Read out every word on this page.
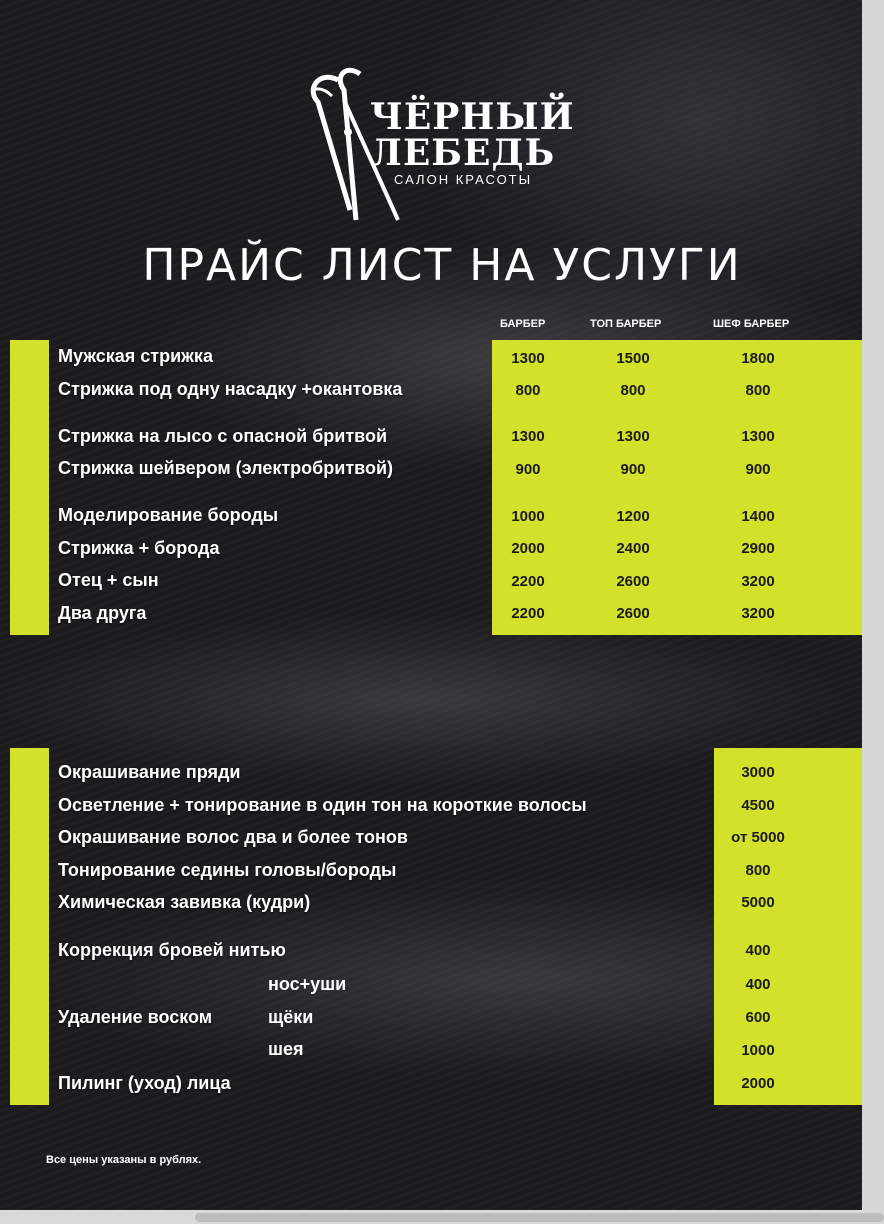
ЧЁРНЫЙ
ЛЕБЕДЬ
САЛОН КРАСОТЫ
ПРАЙС ЛИСТ НА УСЛУГИ
БАРБЕР	ТОП БАРБЕР	ШЕФ БАРБЕР
Мужская стрижка	1300	1500	1800
Стрижка под одну насадку +окантовка	800	800	800
Стрижка на лысо с опасной бритвой	1300	1300	1300
Стрижка шейвером (электробритвой)	900	900	900
Моделирование бороды	1000	1200	1400
Стрижка + борода	2000	2400	2900
Отец + сын	2200	2600	3200
Два друга	2200	2600	3200
Окрашивание пряди	3000
Осветление + тонирование в один тон на короткие волосы	4500
Окрашивание волос два и более тонов	от 5000
Тонирование седины головы/бороды	800
Химическая завивка (кудри)	5000
Коррекция бровей нитью	400
нос+уши	400
Удаление воском	щёки	600
шея	1000
Пилинг (уход) лица	2000
Все цены указаны в рублях.
